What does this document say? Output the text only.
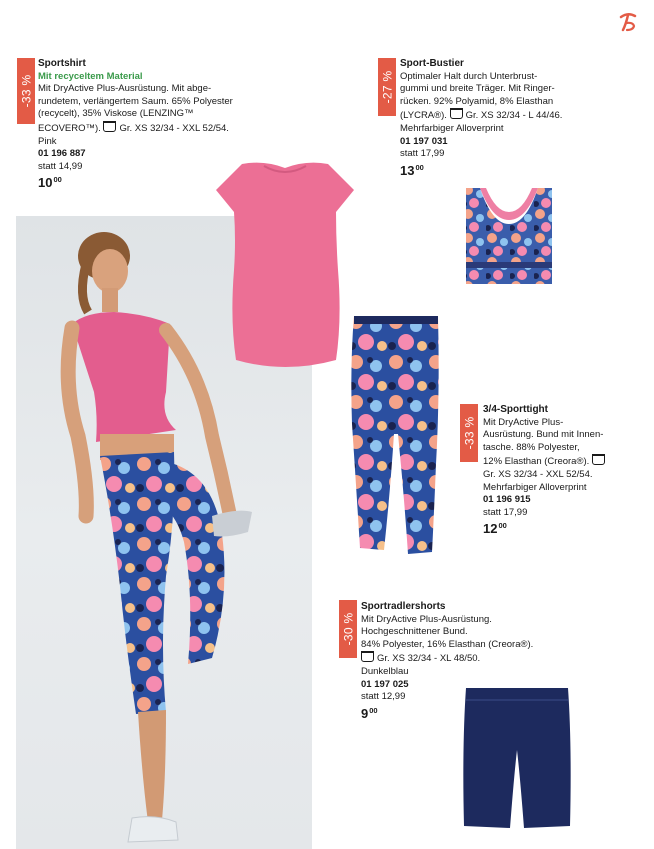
-33 %	-27 %
-33 %
-30 %
Sportshirt
Mit recyceltem Material
Mit DryActive Plus-Ausrüstung. Mit abge-
rundetem, verlängertem Saum. 65% Polyester
(recycelt), 35% Viskose (LENZING™
ECOVERO™). Gr. XS 32/34 - XXL 52/54.
Pink
01 196 887
statt 14,99
$10^{00}$
Sport-Bustier
Optimaler Halt durch Unterbrust-
gummi und breite Träger. Mit Ringer-
rücken. 92% Polyamid, 8% Elasthan
(LYCRA®). Gr. XS 32/34 - L 44/46.
Mehrfarbiger Alloverprint
01 197 031
statt 17,99
$13^{00}$
3/4-Sporttight
Mit DryActive Plus-
Ausrüstung. Bund mit Innen-
tasche. 88% Polyester,
12% Elasthan (Creora®).
Gr. XS 32/34 - XXL 52/54.
Mehrfarbiger Alloverprint
01 196 915
statt 17,99
$12^{00}$
Sportradlershorts
Mit DryActive Plus-Ausrüstung.
Hochgeschnittener Bund.
84% Polyester, 16% Elasthan (Creora®).
Gr. XS 32/34 - XL 48/50.
Dunkelblau
01 197 025
statt 12,99
$9^{00}$
